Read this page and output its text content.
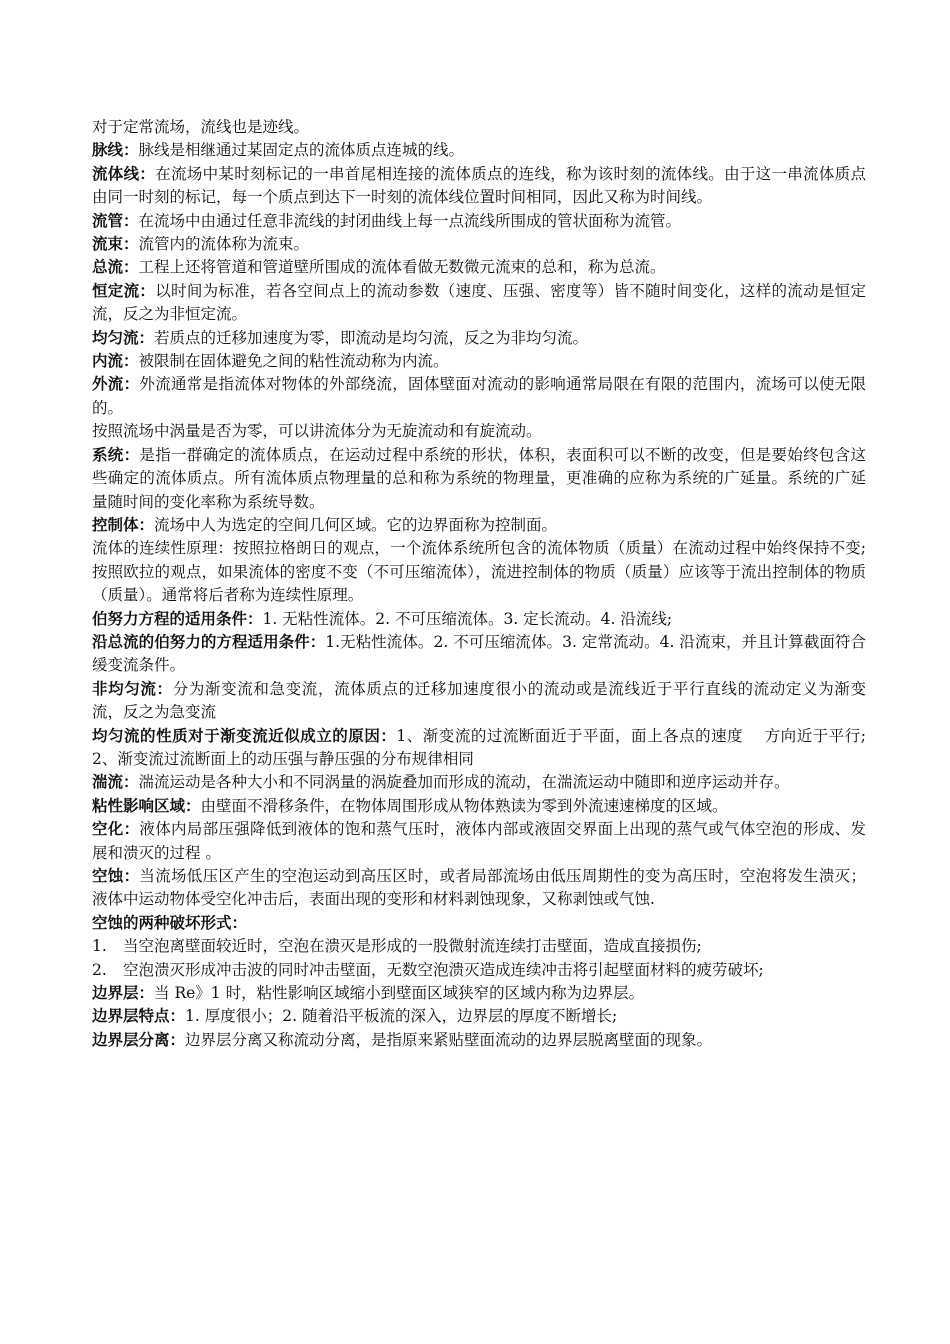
对于定常流场，流线也是迹线。

脉线：脉线是相继通过某固定点的流体质点连城的线。

流体线：在流场中某时刻标记的一串首尾相连接的流体质点的连线，称为该时刻的流体线。由于这一串流体质点由同一时刻的标记，每一个质点到达下一时刻的流体线位置时间相同，因此又称为时间线。

流管：在流场中由通过任意非流线的封闭曲线上每一点流线所围成的管状面称为流管。

流束：流管内的流体称为流束。

总流：工程上还将管道和管道壁所围成的流体看做无数微元流束的总和，称为总流。

恒定流：以时间为标准，若各空间点上的流动参数（速度、压强、密度等）皆不随时间变化，这样的流动是恒定流，反之为非恒定流。

均匀流：若质点的迁移加速度为零，即流动是均匀流，反之为非均匀流。

内流：被限制在固体避免之间的粘性流动称为内流。

外流：外流通常是指流体对物体的外部绕流，固体壁面对流动的影响通常局限在有限的范围内，流场可以使无限的。

按照流场中涡量是否为零，可以讲流体分为无旋流动和有旋流动。

系统：是指一群确定的流体质点，在运动过程中系统的形状，体积，表面积可以不断的改变，但是要始终包含这些确定的流体质点。所有流体质点物理量的总和称为系统的物理量，更准确的应称为系统的广延量。系统的广延量随时间的变化率称为系统导数。

控制体：流场中人为选定的空间几何区域。它的边界面称为控制面。

流体的连续性原理：按照拉格朗日的观点，一个流体系统所包含的流体物质（质量）在流动过程中始终保持不变;按照欧拉的观点，如果流体的密度不变（不可压缩流体），流进控制体的物质（质量）应该等于流出控制体的物质（质量）。通常将后者称为连续性原理。

伯努力方程的适用条件：1. 无粘性流体。2. 不可压缩流体。3. 定长流动。4. 沿流线;

沿总流的伯努力的方程适用条件：1.无粘性流体。2. 不可压缩流体。3. 定常流动。4. 沿流束，并且计算截面符合缓变流条件。

非均匀流：分为渐变流和急变流，流体质点的迁移加速度很小的流动或是流线近于平行直线的流动定义为渐变流，反之为急变流

均匀流的性质对于渐变流近似成立的原因：1、渐变流的过流断面近于平面，面上各点的速度　 方向近于平行; 2、渐变流过流断面上的动压强与静压强的分布规律相同

湍流：湍流运动是各种大小和不同涡量的涡旋叠加而形成的流动，在湍流运动中随即和逆序运动并存。

粘性影响区域：由壁面不滑移条件，在物体周围形成从物体熟读为零到外流速速梯度的区域。

空化：液体内局部压强降低到液体的饱和蒸气压时，液体内部或液固交界面上出现的蒸气或气体空泡的形成、发展和溃灭的过程 。

空蚀：当流场低压区产生的空泡运动到高压区时，或者局部流场由低压周期性的变为高压时，空泡将发生溃灭；液体中运动物体受空化冲击后，表面出现的变形和材料剥蚀现象，又称剥蚀或气蚀.

空蚀的两种破坏形式：

1. 当空泡离壁面较近时，空泡在溃灭是形成的一股微射流连续打击壁面，造成直接损伤;
2. 空泡溃灭形成冲击波的同时冲击壁面，无数空泡溃灭造成连续冲击将引起壁面材料的疲劳破坏;

边界层：当 Re》1 时，粘性影响区域缩小到壁面区域狭窄的区域内称为边界层。

边界层特点：1. 厚度很小；2. 随着沿平板流的深入，边界层的厚度不断增长;

边界层分离：边界层分离又称流动分离，是指原来紧贴壁面流动的边界层脱离壁面的现象。
